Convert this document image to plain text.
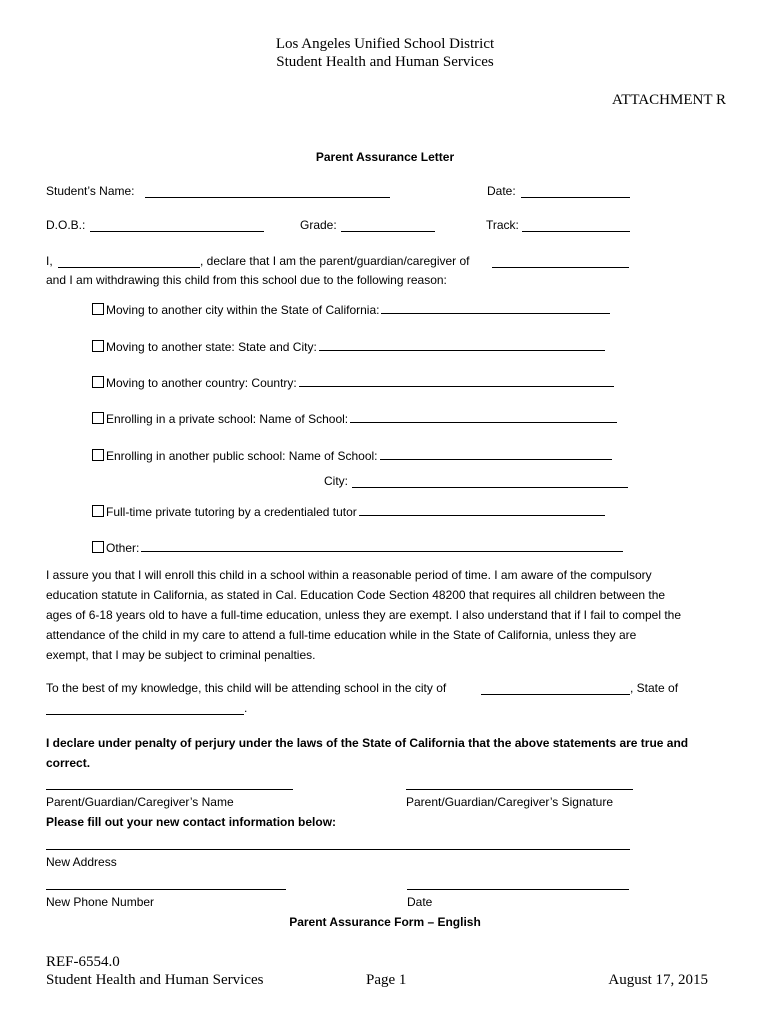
Los Angeles Unified School District
Student Health and Human Services
ATTACHMENT R
Parent Assurance Letter
Student’s Name:	Date:
D.O.B.:	Grade:	Track:
I,	, declare that I am the parent/guardian/caregiver of
and I am withdrawing this child from this school due to the following reason:
Moving to another city within the State of California:
Moving to another state: State and City:
Moving to another country: Country:
Enrolling in a private school: Name of School:
Enrolling in another public school: Name of School:
City:
Full-time private tutoring by a credentialed tutor
Other:
I assure you that I will enroll this child in a school within a reasonable period of time. I am aware of the compulsory
education statute in California, as stated in Cal. Education Code Section 48200 that requires all children between the
ages of 6-18 years old to have a full-time education, unless they are exempt. I also understand that if I fail to compel the
attendance of the child in my care to attend a full-time education while in the State of California, unless they are
exempt, that I may be subject to criminal penalties.
To the best of my knowledge, this child will be attending school in the city of	, State of
.
I declare under penalty of perjury under the laws of the State of California that the above statements are true and
correct.
Parent/Guardian/Caregiver’s Name	Parent/Guardian/Caregiver’s Signature
Please fill out your new contact information below:
New Address
New Phone Number	Date
Parent Assurance Form – English
REF-6554.0
Student Health and Human Services	Page 1	August 17, 2015
